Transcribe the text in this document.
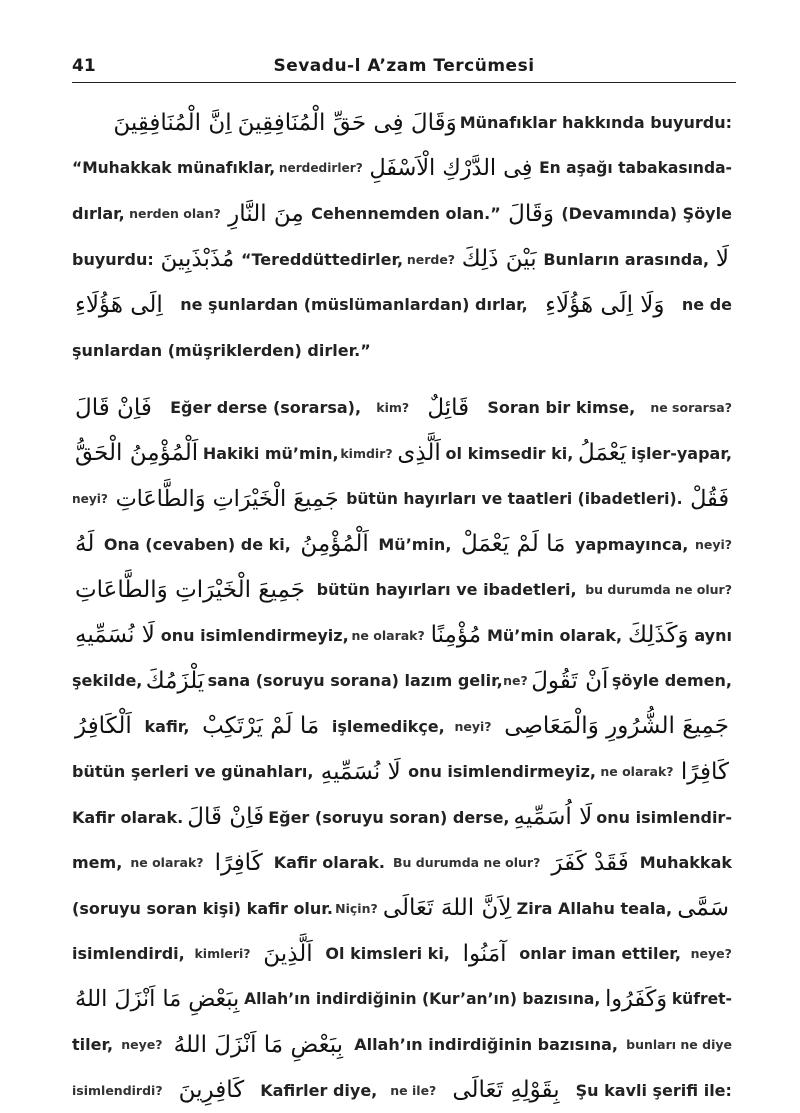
41	Sevadu-l A’zam Tercümesi
اِنَّ الْمُنَافِقِينَ وَقَالَ فِى حَقِّ الْمُنَافِقِينَ Münafıklar hakkında buyurdu:
“Muhakkak münafıklar, nerdedirler? فِى الدَّرْكِ الْاَسْفَلِ En aşağı tabakasında-
dırlar, nerden olan? مِنَ النَّارِ Cehennemden olan.” وَقَالَ (Devamında) Şöyle
buyurdu: مُذَبْذَبِينَ “Tereddüttedirler, nerde? بَيْنَ ذَلِكَ Bunların arasında, لَا
اِلَى هَؤُلَاءِ ne şunlardan (müslümanlardan) dırlar, وَلَا اِلَى هَؤُلَاءِ ne de
şunlardan (müşriklerden) dirler.”
فَاِنْ قَالَ Eğer derse (sorarsa), kim? قَائِلٌ Soran bir kimse, ne sorarsa?
اَلْمُؤْمِنُ الْحَقُّ Hakiki mü’min, kimdir? اَلَّذِى ol kimsedir ki, يَعْمَلُ işler-yapar,
neyi? جَمِيعَ الْخَيْرَاتِ وَالطَّاعَاتِ bütün hayırları ve taatleri (ibadetleri). فَقُلْ
لَهُ Ona (cevaben) de ki, اَلْمُؤْمِنُ Mü’min, مَا لَمْ يَعْمَلْ yapmayınca, neyi?
جَمِيعَ الْخَيْرَاتِ وَالطَّاعَاتِ bütün hayırları ve ibadetleri, bu durumda ne olur?
لَا نُسَمِّيهِ onu isimlendirmeyiz, ne olarak? مُؤْمِنًا Mü’min olarak, وَكَذَلِكَ aynı
şekilde, يَلْزَمُكَ sana (soruyu sorana) lazım gelir, ne? اَنْ تَقُولَ şöyle demen,
اَلْكَافِرُ kafir, مَا لَمْ يَرْتَكِبْ işlemedikçe, neyi? جَمِيعَ الشُّرُورِ وَالْمَعَاصِى
bütün şerleri ve günahları, لَا نُسَمِّيهِ onu isimlendirmeyiz, ne olarak? كَافِرًا
Kafir olarak. فَاِنْ قَالَ Eğer (soruyu soran) derse, لَا اُسَمِّيهِ onu isimlendir-
mem, ne olarak? كَافِرًا Kafir olarak. Bu durumda ne olur? فَقَدْ كَفَرَ Muhakkak
(soruyu soran kişi) kafir olur. Niçin? لِاَنَّ اللهَ تَعَالَى Zira Allahu teala, سَمَّى
isimlendirdi, kimleri? اَلَّذِينَ Ol kimsleri ki, آمَنُوا onlar iman ettiler, neye?
بِبَعْضِ مَا اَنْزَلَ اللهُ Allah’ın indirdiğinin (Kur’an’ın) bazısına, وَكَفَرُوا küfret-
tiler, neye? بِبَعْضِ مَا اَنْزَلَ اللهُ Allah’ın indirdiğinin bazısına, bunları ne diye
isimlendirdi? كَافِرِينَ Kafirler diye, ne ile? بِقَوْلِهِ تَعَالَى Şu kavli şerifi ile:
